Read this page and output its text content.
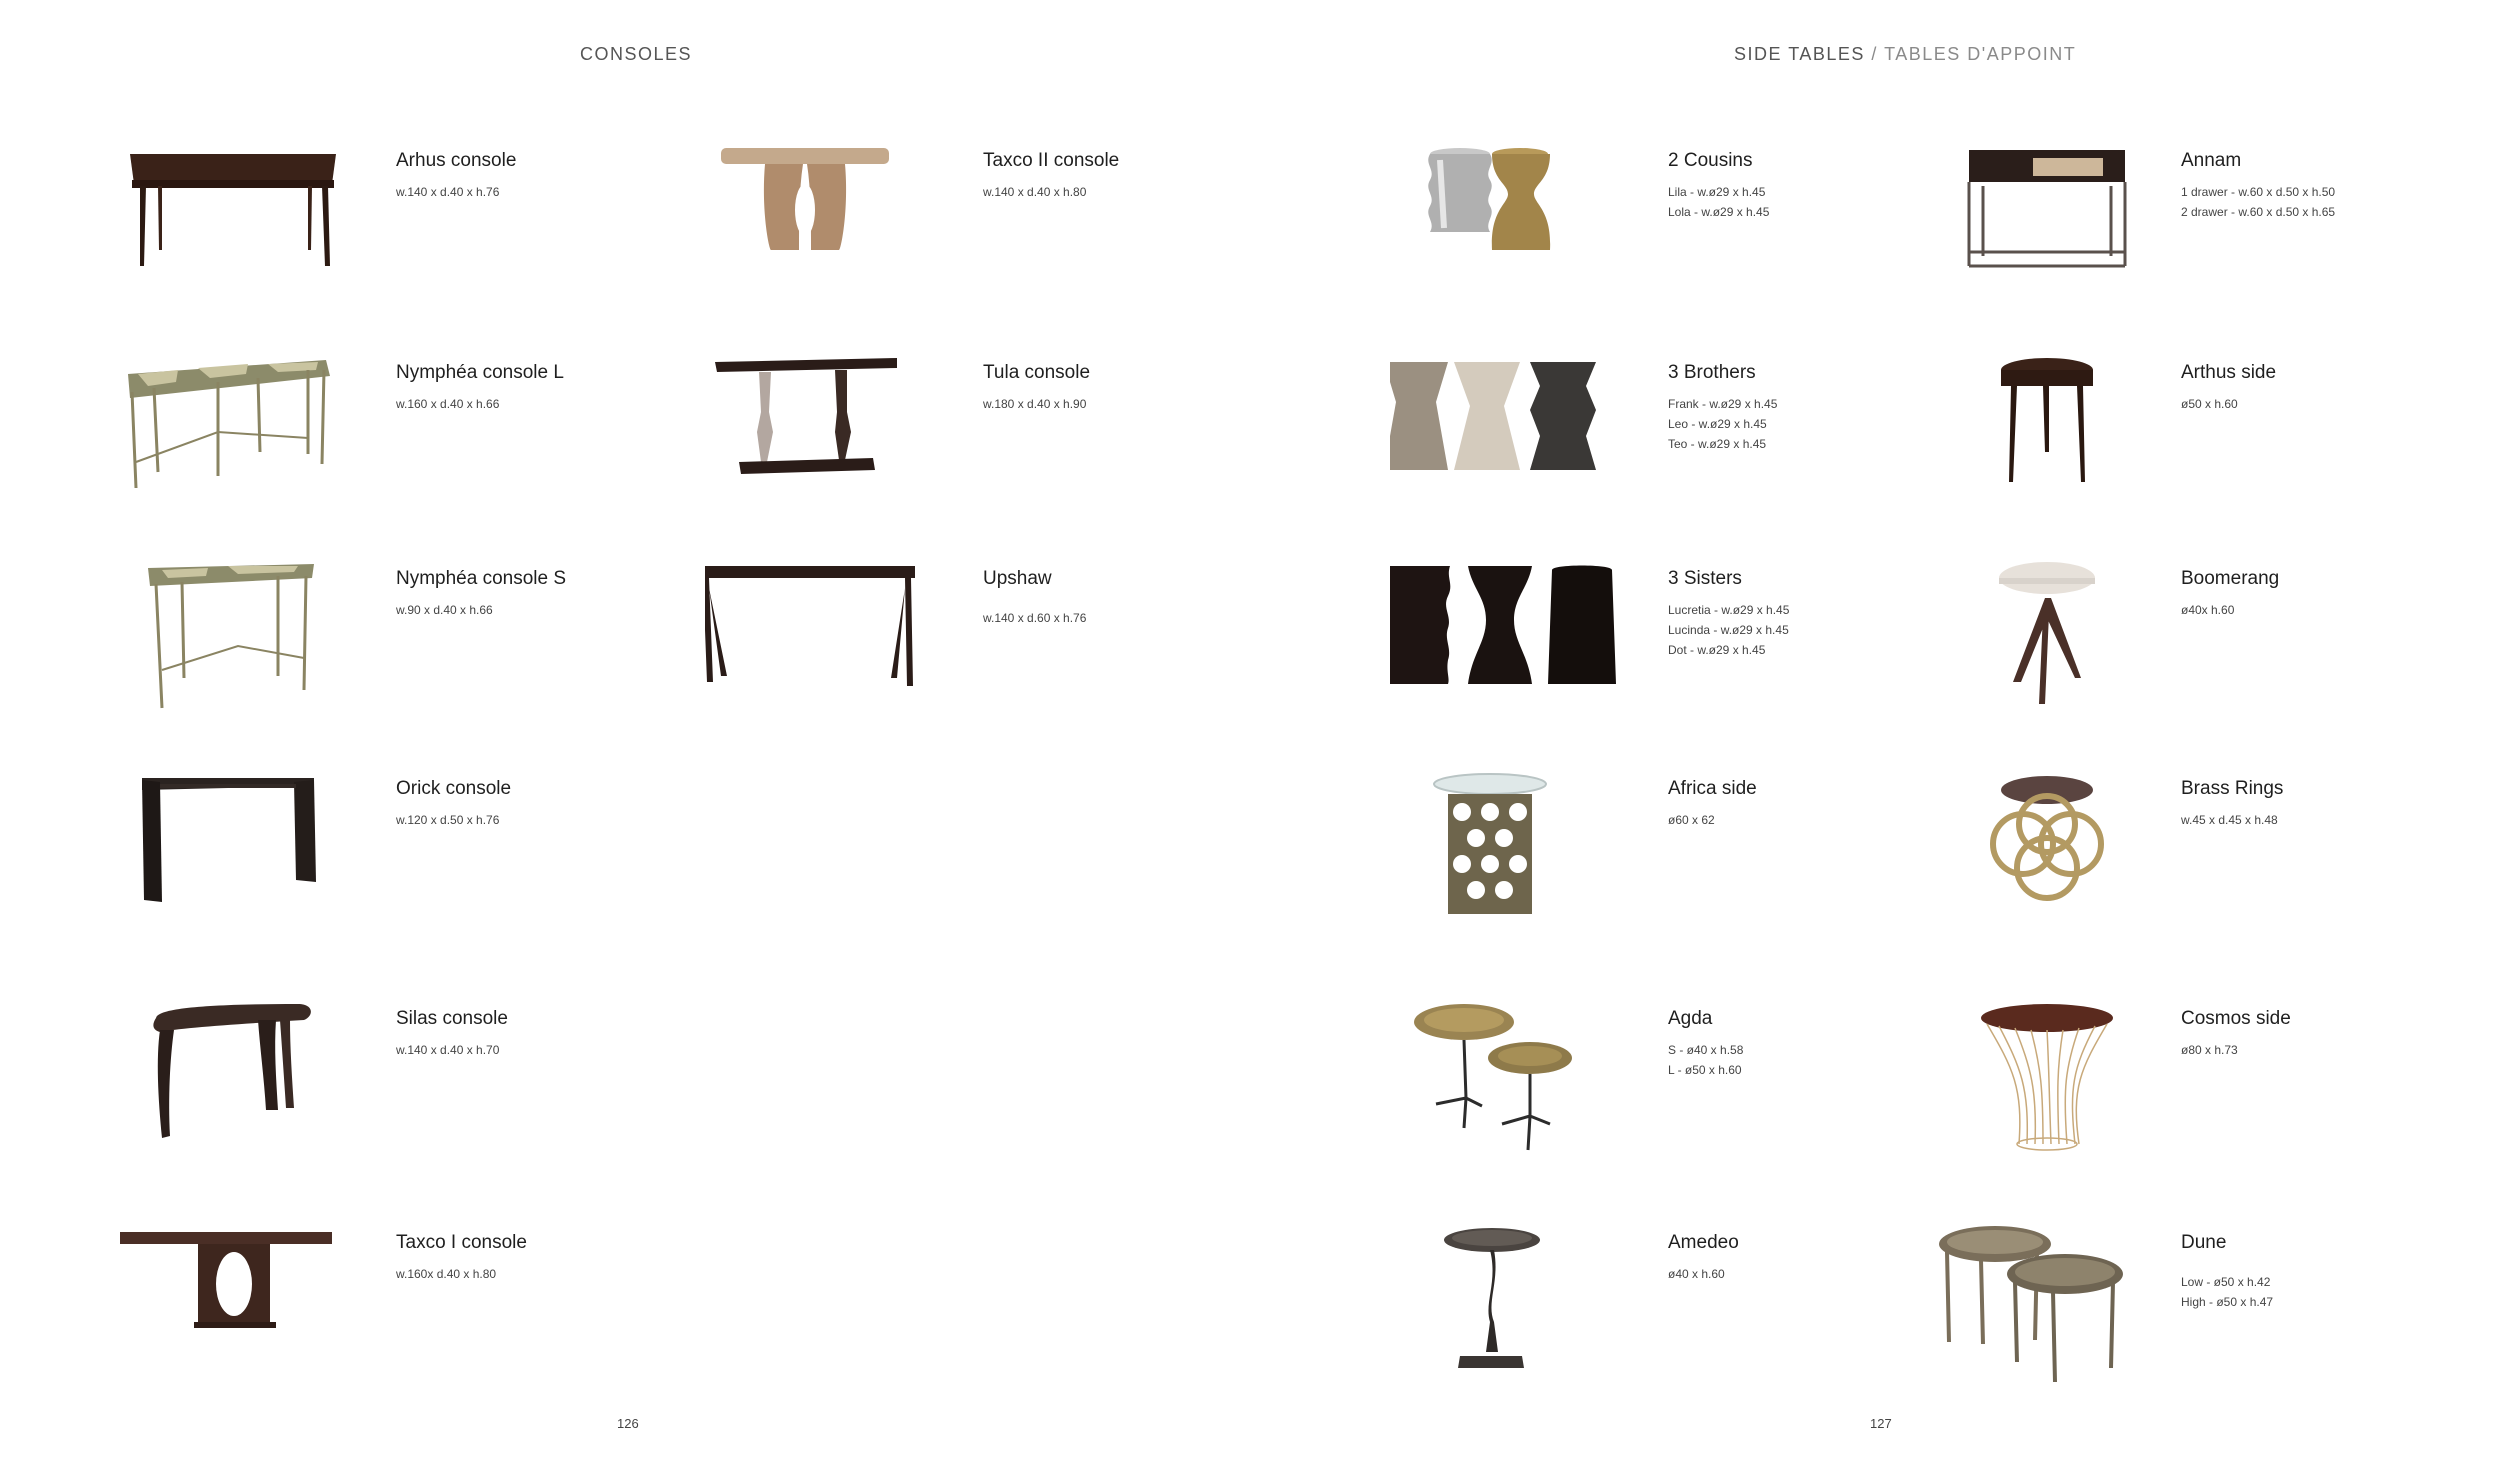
CONSOLES
Arhus console
w.140 x d.40 x h.76
Taxco II console
w.140 x d.40 x h.80
Nymphéa console L
w.160 x d.40 x h.66
Tula console
w.180 x d.40 x h.90
Nymphéa console S
w.90 x d.40 x h.66
Upshaw
w.140 x d.60 x h.76
Orick console
w.120 x d.50 x h.76
Silas console
w.140 x d.40 x h.70
Taxco I console
w.160x d.40 x h.80
126
SIDE TABLES / TABLES D'APPOINT
2 Cousins
Lila - w.ø29 x h.45
Lola - w.ø29 x h.45
Annam
1 drawer - w.60 x d.50 x h.50
2 drawer - w.60 x d.50 x h.65
3 Brothers
Frank - w.ø29 x h.45
Leo - w.ø29 x h.45
Teo - w.ø29 x h.45
Arthus side
ø50 x h.60
3 Sisters
Lucretia - w.ø29 x h.45
Lucinda - w.ø29 x h.45
Dot - w.ø29 x h.45
Boomerang
ø40x h.60
Africa side
ø60 x 62
Brass Rings
w.45 x d.45 x h.48
Agda
S - ø40 x h.58
L - ø50 x h.60
Cosmos side
ø80 x h.73
Amedeo
ø40 x h.60
Dune
Low - ø50 x h.42
High - ø50 x h.47
127
